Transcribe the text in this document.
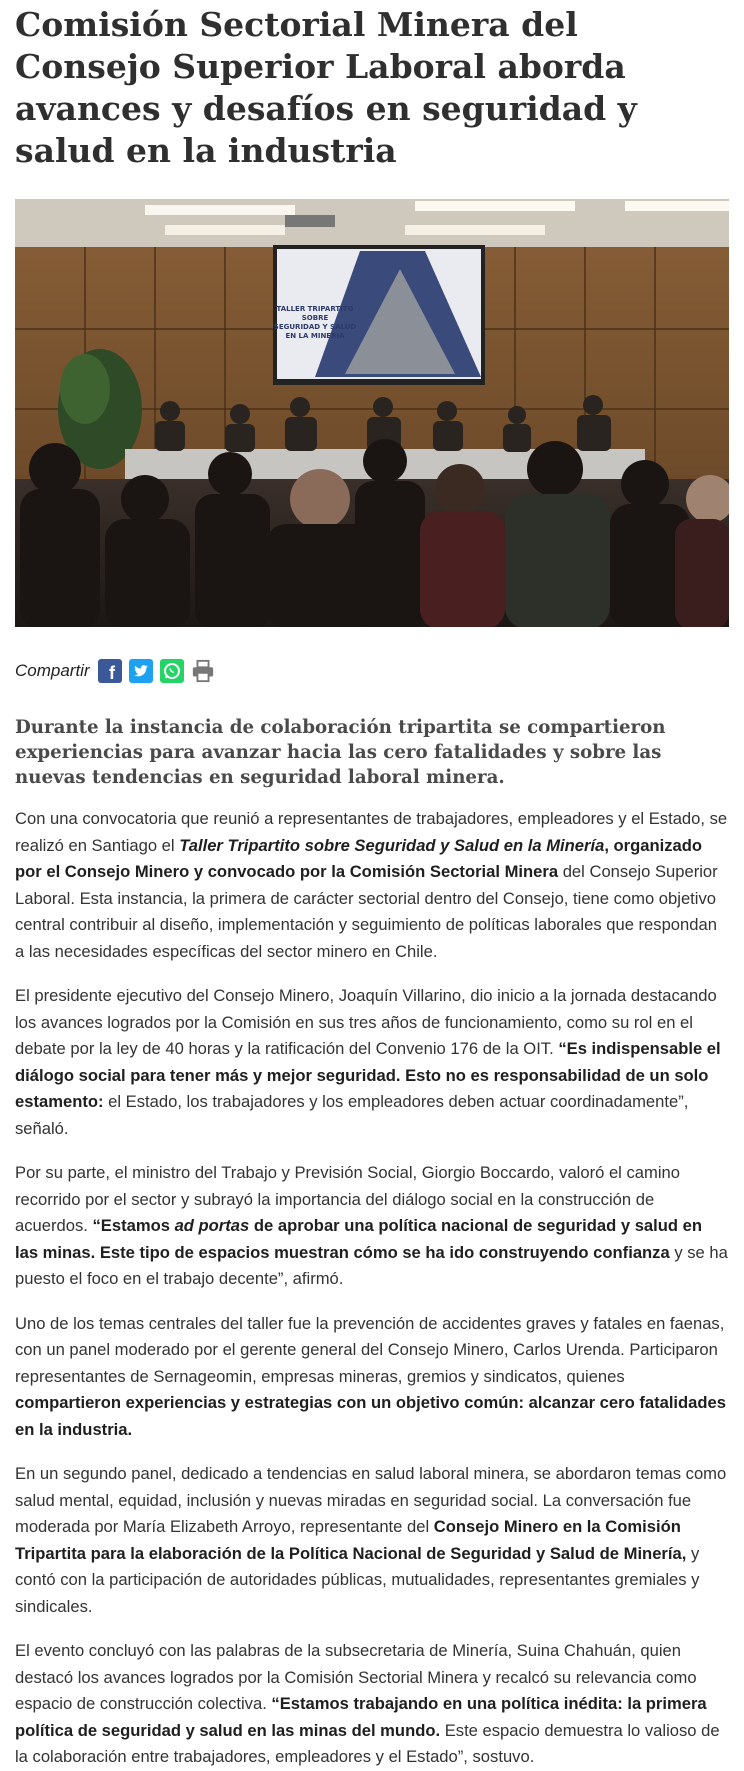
Comisión Sectorial Minera del Consejo Superior Laboral aborda avances y desafíos en seguridad y salud en la industria
TALLER TRIPARTITO
SOBRE
SEGURIDAD Y SALUD
EN LA MINERÍA
Compartir f

Durante la instancia de colaboración tripartita se compartieron experiencias para avanzar hacia las cero fatalidades y sobre las nuevas tendencias en seguridad laboral minera.

Con una convocatoria que reunió a representantes de trabajadores, empleadores y el Estado, se realizó en Santiago el Taller Tripartito sobre Seguridad y Salud en la Minería, organizado por el Consejo Minero y convocado por la Comisión Sectorial Minera del Consejo Superior Laboral. Esta instancia, la primera de carácter sectorial dentro del Consejo, tiene como objetivo central contribuir al diseño, implementación y seguimiento de políticas laborales que respondan a las necesidades específicas del sector minero en Chile.

El presidente ejecutivo del Consejo Minero, Joaquín Villarino, dio inicio a la jornada destacando los avances logrados por la Comisión en sus tres años de funcionamiento, como su rol en el debate por la ley de 40 horas y la ratificación del Convenio 176 de la OIT. “Es indispensable el diálogo social para tener más y mejor seguridad. Esto no es responsabilidad de un solo estamento: el Estado, los trabajadores y los empleadores deben actuar coordinadamente”, señaló.

Por su parte, el ministro del Trabajo y Previsión Social, Giorgio Boccardo, valoró el camino recorrido por el sector y subrayó la importancia del diálogo social en la construcción de acuerdos. “Estamos ad portas de aprobar una política nacional de seguridad y salud en las minas. Este tipo de espacios muestran cómo se ha ido construyendo confianza y se ha puesto el foco en el trabajo decente”, afirmó.

Uno de los temas centrales del taller fue la prevención de accidentes graves y fatales en faenas, con un panel moderado por el gerente general del Consejo Minero, Carlos Urenda. Participaron representantes de Sernageomin, empresas mineras, gremios y sindicatos, quienes compartieron experiencias y estrategias con un objetivo común: alcanzar cero fatalidades en la industria.

En un segundo panel, dedicado a tendencias en salud laboral minera, se abordaron temas como salud mental, equidad, inclusión y nuevas miradas en seguridad social. La conversación fue moderada por María Elizabeth Arroyo, representante del Consejo Minero en la Comisión Tripartita para la elaboración de la Política Nacional de Seguridad y Salud de Minería, y contó con la participación de autoridades públicas, mutualidades, representantes gremiales y sindicales.

El evento concluyó con las palabras de la subsecretaria de Minería, Suina Chahuán, quien destacó los avances logrados por la Comisión Sectorial Minera y recalcó su relevancia como espacio de construcción colectiva. “Estamos trabajando en una política inédita: la primera política de seguridad y salud en las minas del mundo. Este espacio demuestra lo valioso de la colaboración entre trabajadores, empleadores y el Estado”, sostuvo.
